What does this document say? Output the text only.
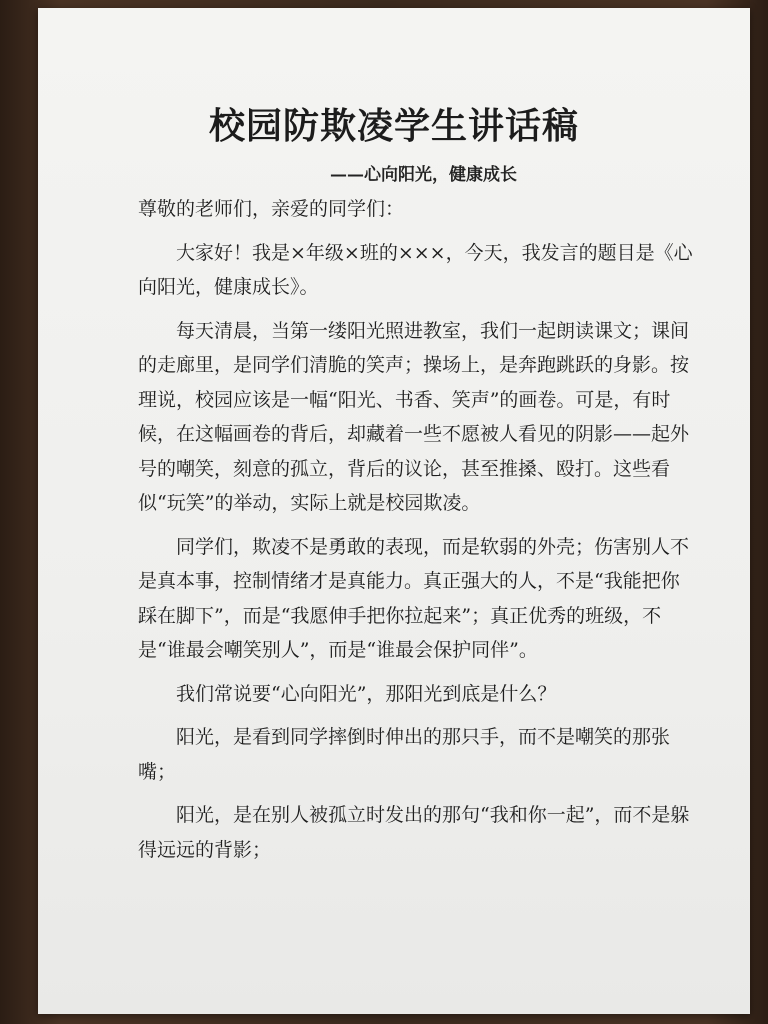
校园防欺凌学生讲话稿
——心向阳光，健康成长

尊敬的老师们，亲爱的同学们：

大家好！我是×年级×班的×××，今天，我发言的题目是《心向阳光，健康成长》。

每天清晨，当第一缕阳光照进教室，我们一起朗读课文；课间的走廊里，是同学们清脆的笑声；操场上，是奔跑跳跃的身影。按理说，校园应该是一幅“阳光、书香、笑声”的画卷。可是，有时候，在这幅画卷的背后，却藏着一些不愿被人看见的阴影——起外号的嘲笑，刻意的孤立，背后的议论，甚至推搡、殴打。这些看似“玩笑”的举动，实际上就是校园欺凌。

同学们，欺凌不是勇敢的表现，而是软弱的外壳；伤害别人不是真本事，控制情绪才是真能力。真正强大的人，不是“我能把你踩在脚下”，而是“我愿伸手把你拉起来”；真正优秀的班级，不是“谁最会嘲笑别人”，而是“谁最会保护同伴”。

我们常说要“心向阳光”，那阳光到底是什么？

阳光，是看到同学摔倒时伸出的那只手，而不是嘲笑的那张嘴；

阳光，是在别人被孤立时发出的那句“我和你一起”，而不是躲得远远的背影；
